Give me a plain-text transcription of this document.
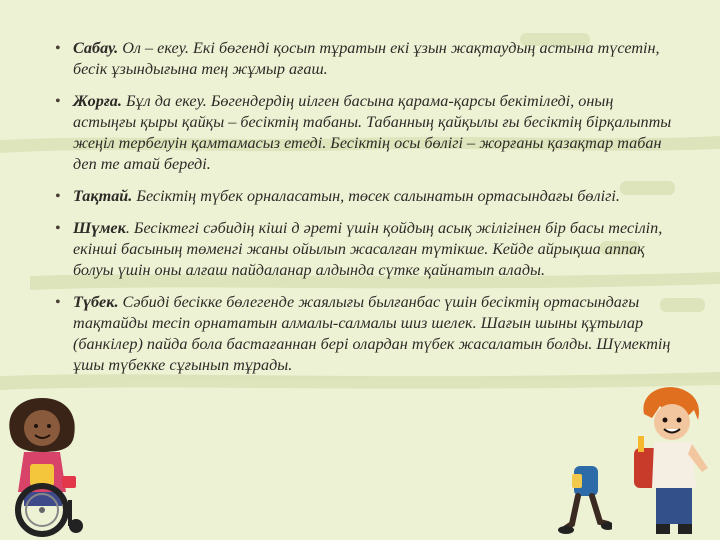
• Сабау. Ол – екеу. Екі бөгенді қосып тұратын екі ұзын жақтаудың астына түсетін, бесік ұзындығына тең жұмыр ағаш.
• Жорға. Бұл да екеу. Бөгендердің иілген басына қарама-қарсы бекітіледі, оның астыңғы қыры қайқы – бесіктің табаны. Табанның қайқылы ғы бесіктің бірқалыпты жеңіл тербелуін қамтамасыз етеді. Бесіктің осы бөлігі – жорғаны қазақтар табан деп те атай береді.
• Тақтай. Бесіктің түбек орналасатын, төсек салынатын ортасындағы бөлігі.
• Шүмек. Бесіктегі сәбидің кіші д әреті үшін қойдың асық жілігінен бір басы тесіліп, екінші басының төменгі жаны ойылып жасалған түтікше. Кейде айрықша аппақ болуы үшін оны алғаш пайдаланар алдында сүтке қайнатып алады.
• Түбек. Сәбиді бесікке бөлегенде жаялығы былғанбас үшін бесіктің ортасындағы тақтайды тесіп орнататын алмалы-салмалы шиз шелек. Шағын шыны құтылар (банкілер) пайда бола бастағаннан бері олардан түбек жасалатын болды. Шүмектің ұшы түбекке сұғынып тұрады.
